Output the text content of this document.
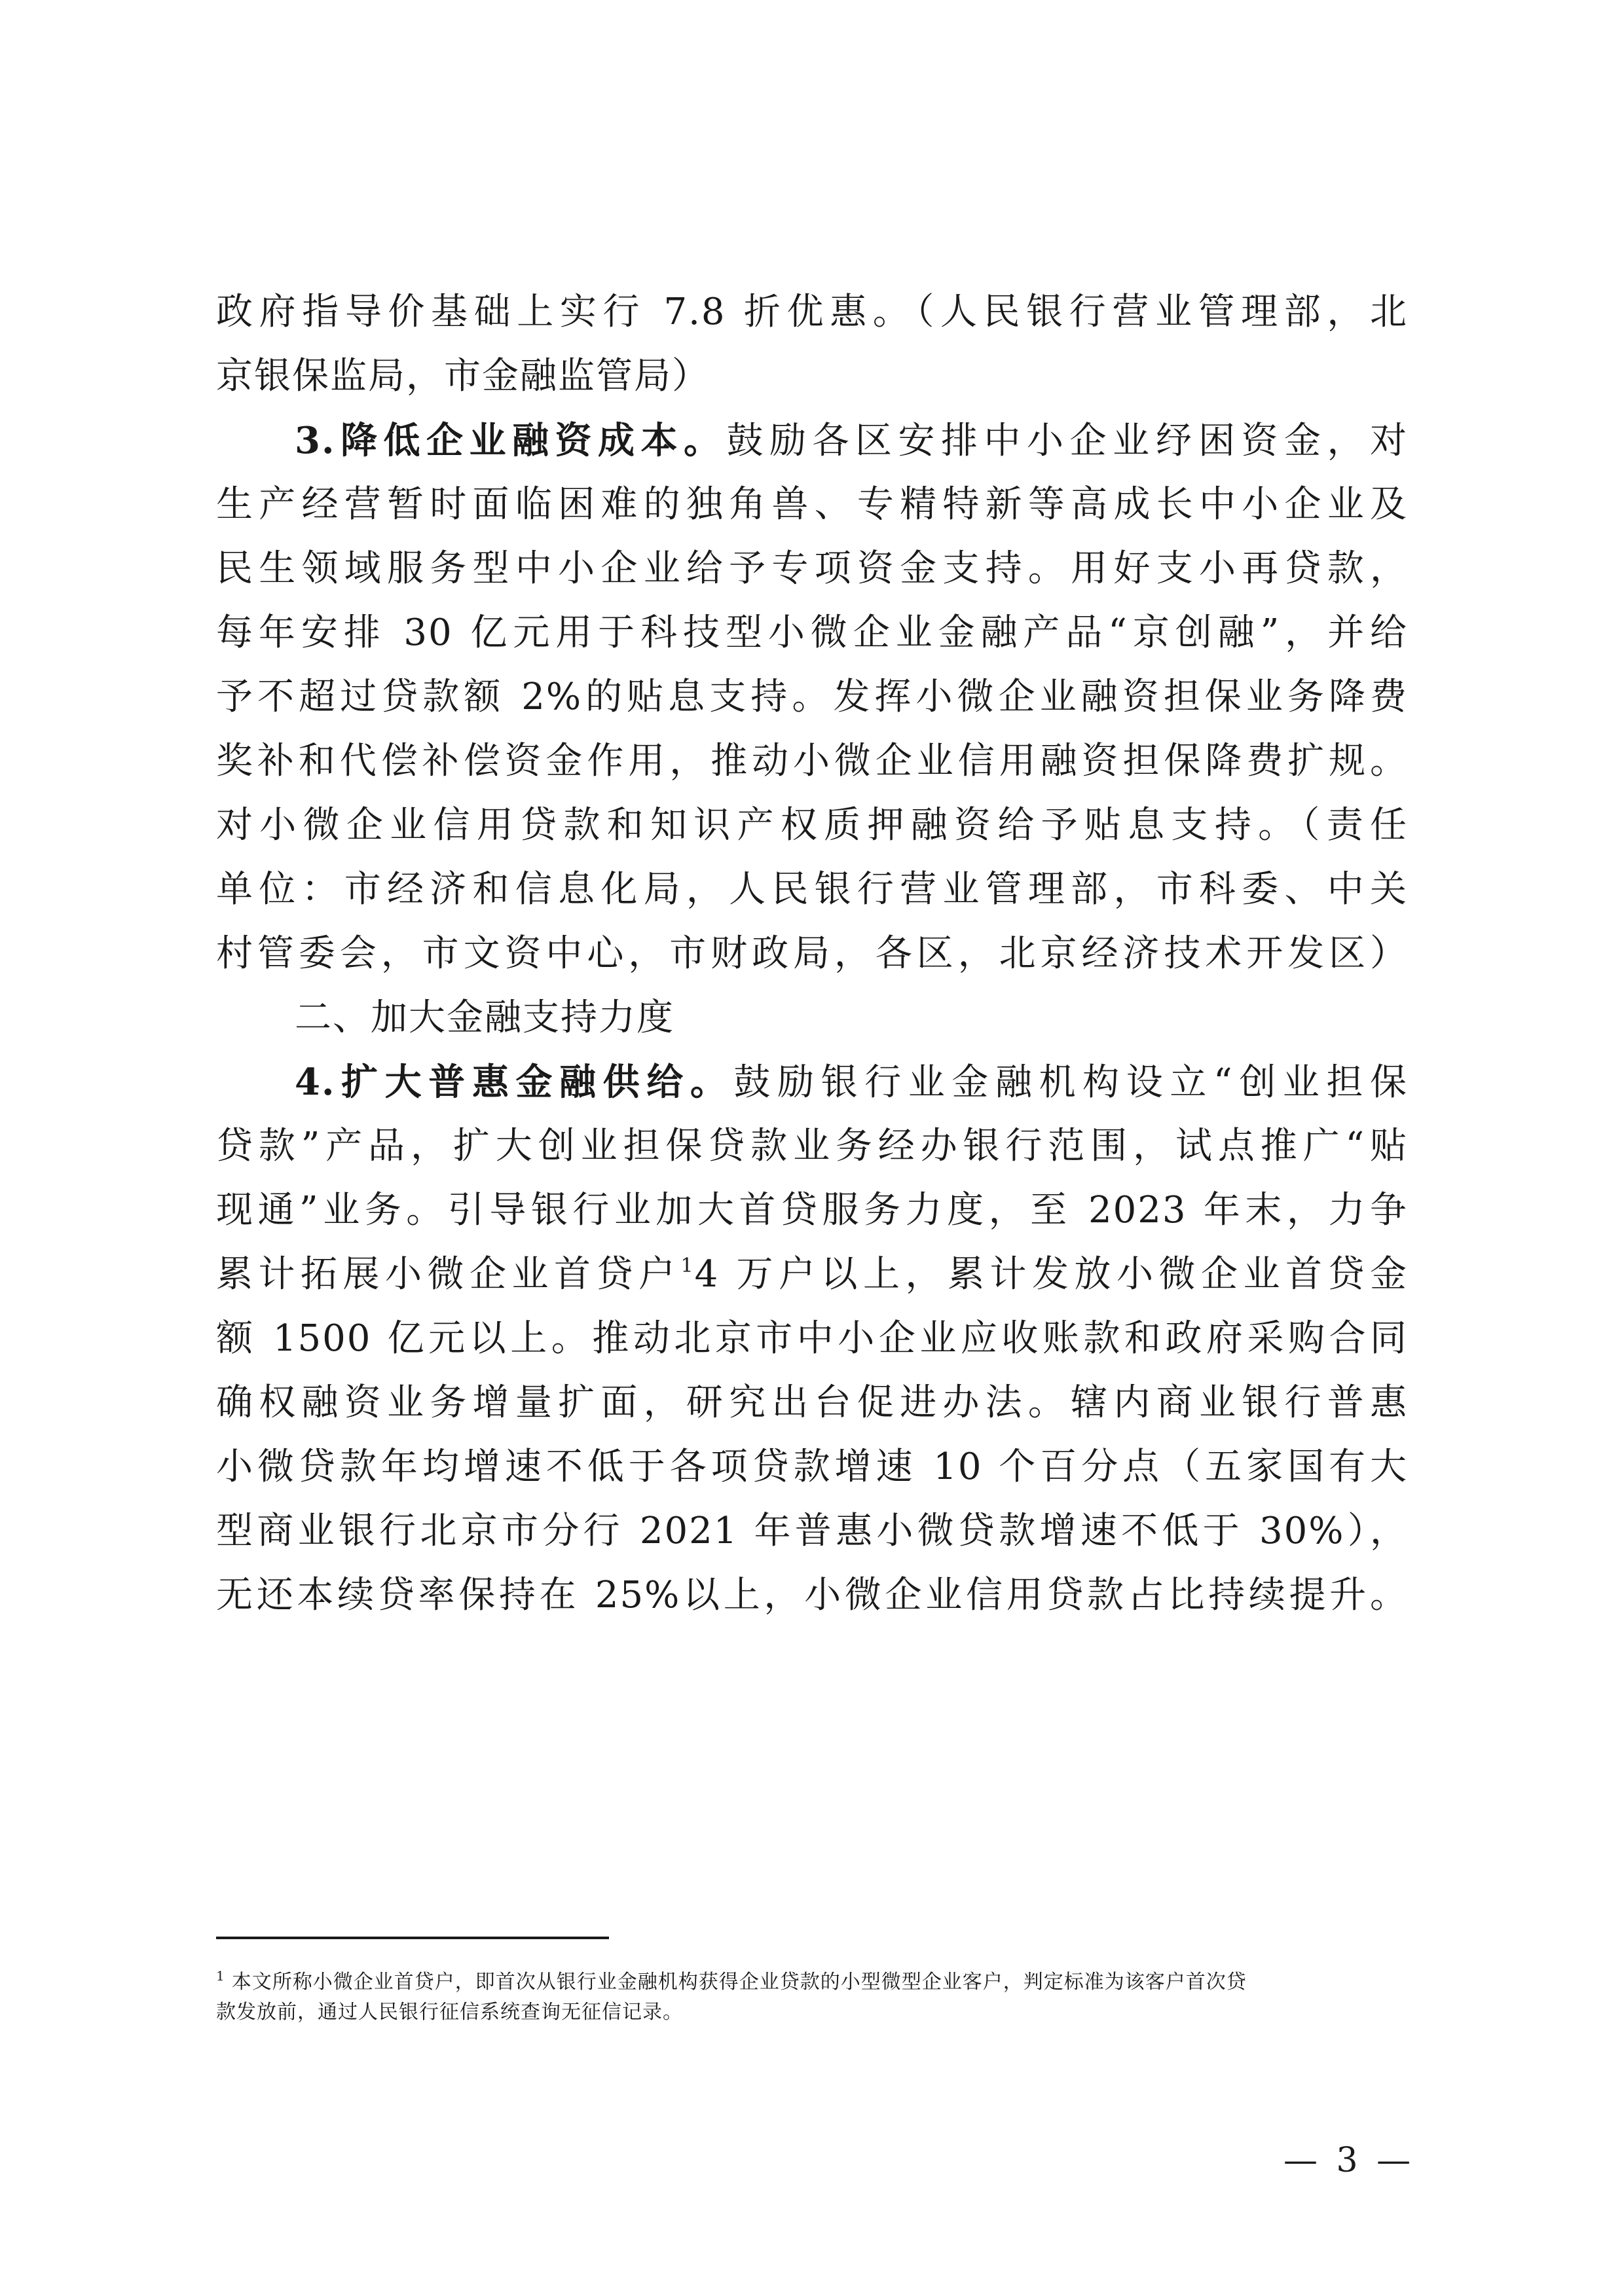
政府指导价基础上实行 7.8 折优惠。（人民银行营业管理部，北
京银保监局，市金融监管局）
3.降低企业融资成本。鼓励各区安排中小企业纾困资金，对
生产经营暂时面临困难的独角兽、专精特新等高成长中小企业及
民生领域服务型中小企业给予专项资金支持。用好支小再贷款，
每年安排 30 亿元用于科技型小微企业金融产品“京创融”，并给
予不超过贷款额 2%的贴息支持。发挥小微企业融资担保业务降费
奖补和代偿补偿资金作用，推动小微企业信用融资担保降费扩规。
对小微企业信用贷款和知识产权质押融资给予贴息支持。（责任
单位：市经济和信息化局，人民银行营业管理部，市科委、中关
村管委会，市文资中心，市财政局，各区，北京经济技术开发区）
二、加大金融支持力度
4.扩大普惠金融供给。鼓励银行业金融机构设立“创业担保
贷款”产品，扩大创业担保贷款业务经办银行范围，试点推广“贴
现通”业务。引导银行业加大首贷服务力度，至 2023 年末，力争
累计拓展小微企业首贷户$^1$4 万户以上，累计发放小微企业首贷金
额 1500 亿元以上。推动北京市中小企业应收账款和政府采购合同
确权融资业务增量扩面，研究出台促进办法。辖内商业银行普惠
小微贷款年均增速不低于各项贷款增速 10 个百分点（五家国有大
型商业银行北京市分行 2021 年普惠小微贷款增速不低于 30%），
无还本续贷率保持在 25%以上，小微企业信用贷款占比持续提升。
$^1$ 本文所称小微企业首贷户，即首次从银行业金融机构获得企业贷款的小型微型企业客户，判定标准为该客户首次贷
款发放前，通过人民银行征信系统查询无征信记录。
— 3 —
